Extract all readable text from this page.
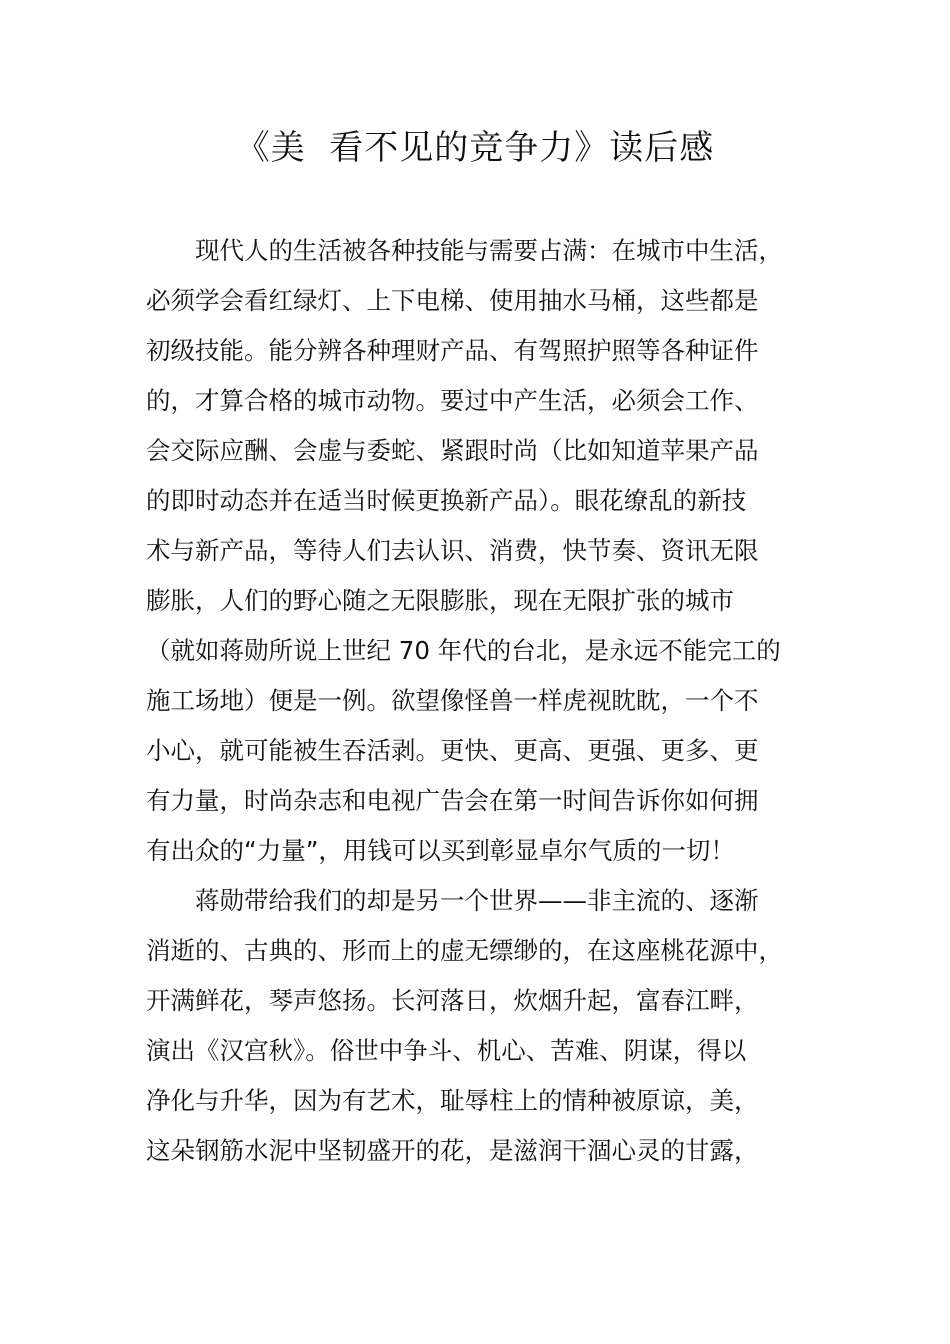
《美  看不见的竞争力》读后感
现代人的生活被各种技能与需要占满：在城市中生活，
必须学会看红绿灯、上下电梯、使用抽水马桶，这些都是
初级技能。能分辨各种理财产品、有驾照护照等各种证件
的，才算合格的城市动物。要过中产生活，必须会工作、
会交际应酬、会虚与委蛇、紧跟时尚（比如知道苹果产品
的即时动态并在适当时候更换新产品）。眼花缭乱的新技
术与新产品，等待人们去认识、消费，快节奏、资讯无限
膨胀，人们的野心随之无限膨胀，现在无限扩张的城市
（就如蒋勋所说上世纪 70 年代的台北，是永远不能完工的
施工场地）便是一例。欲望像怪兽一样虎视眈眈，一个不
小心，就可能被生吞活剥。更快、更高、更强、更多、更
有力量，时尚杂志和电视广告会在第一时间告诉你如何拥
有出众的“力量”，用钱可以买到彰显卓尔气质的一切！
蒋勋带给我们的却是另一个世界——非主流的、逐渐
消逝的、古典的、形而上的虚无缥缈的，在这座桃花源中，
开满鲜花，琴声悠扬。长河落日，炊烟升起，富春江畔，
演出《汉宫秋》。俗世中争斗、机心、苦难、阴谋，得以
净化与升华，因为有艺术，耻辱柱上的情种被原谅，美，
这朵钢筋水泥中坚韧盛开的花，是滋润干涸心灵的甘露，
